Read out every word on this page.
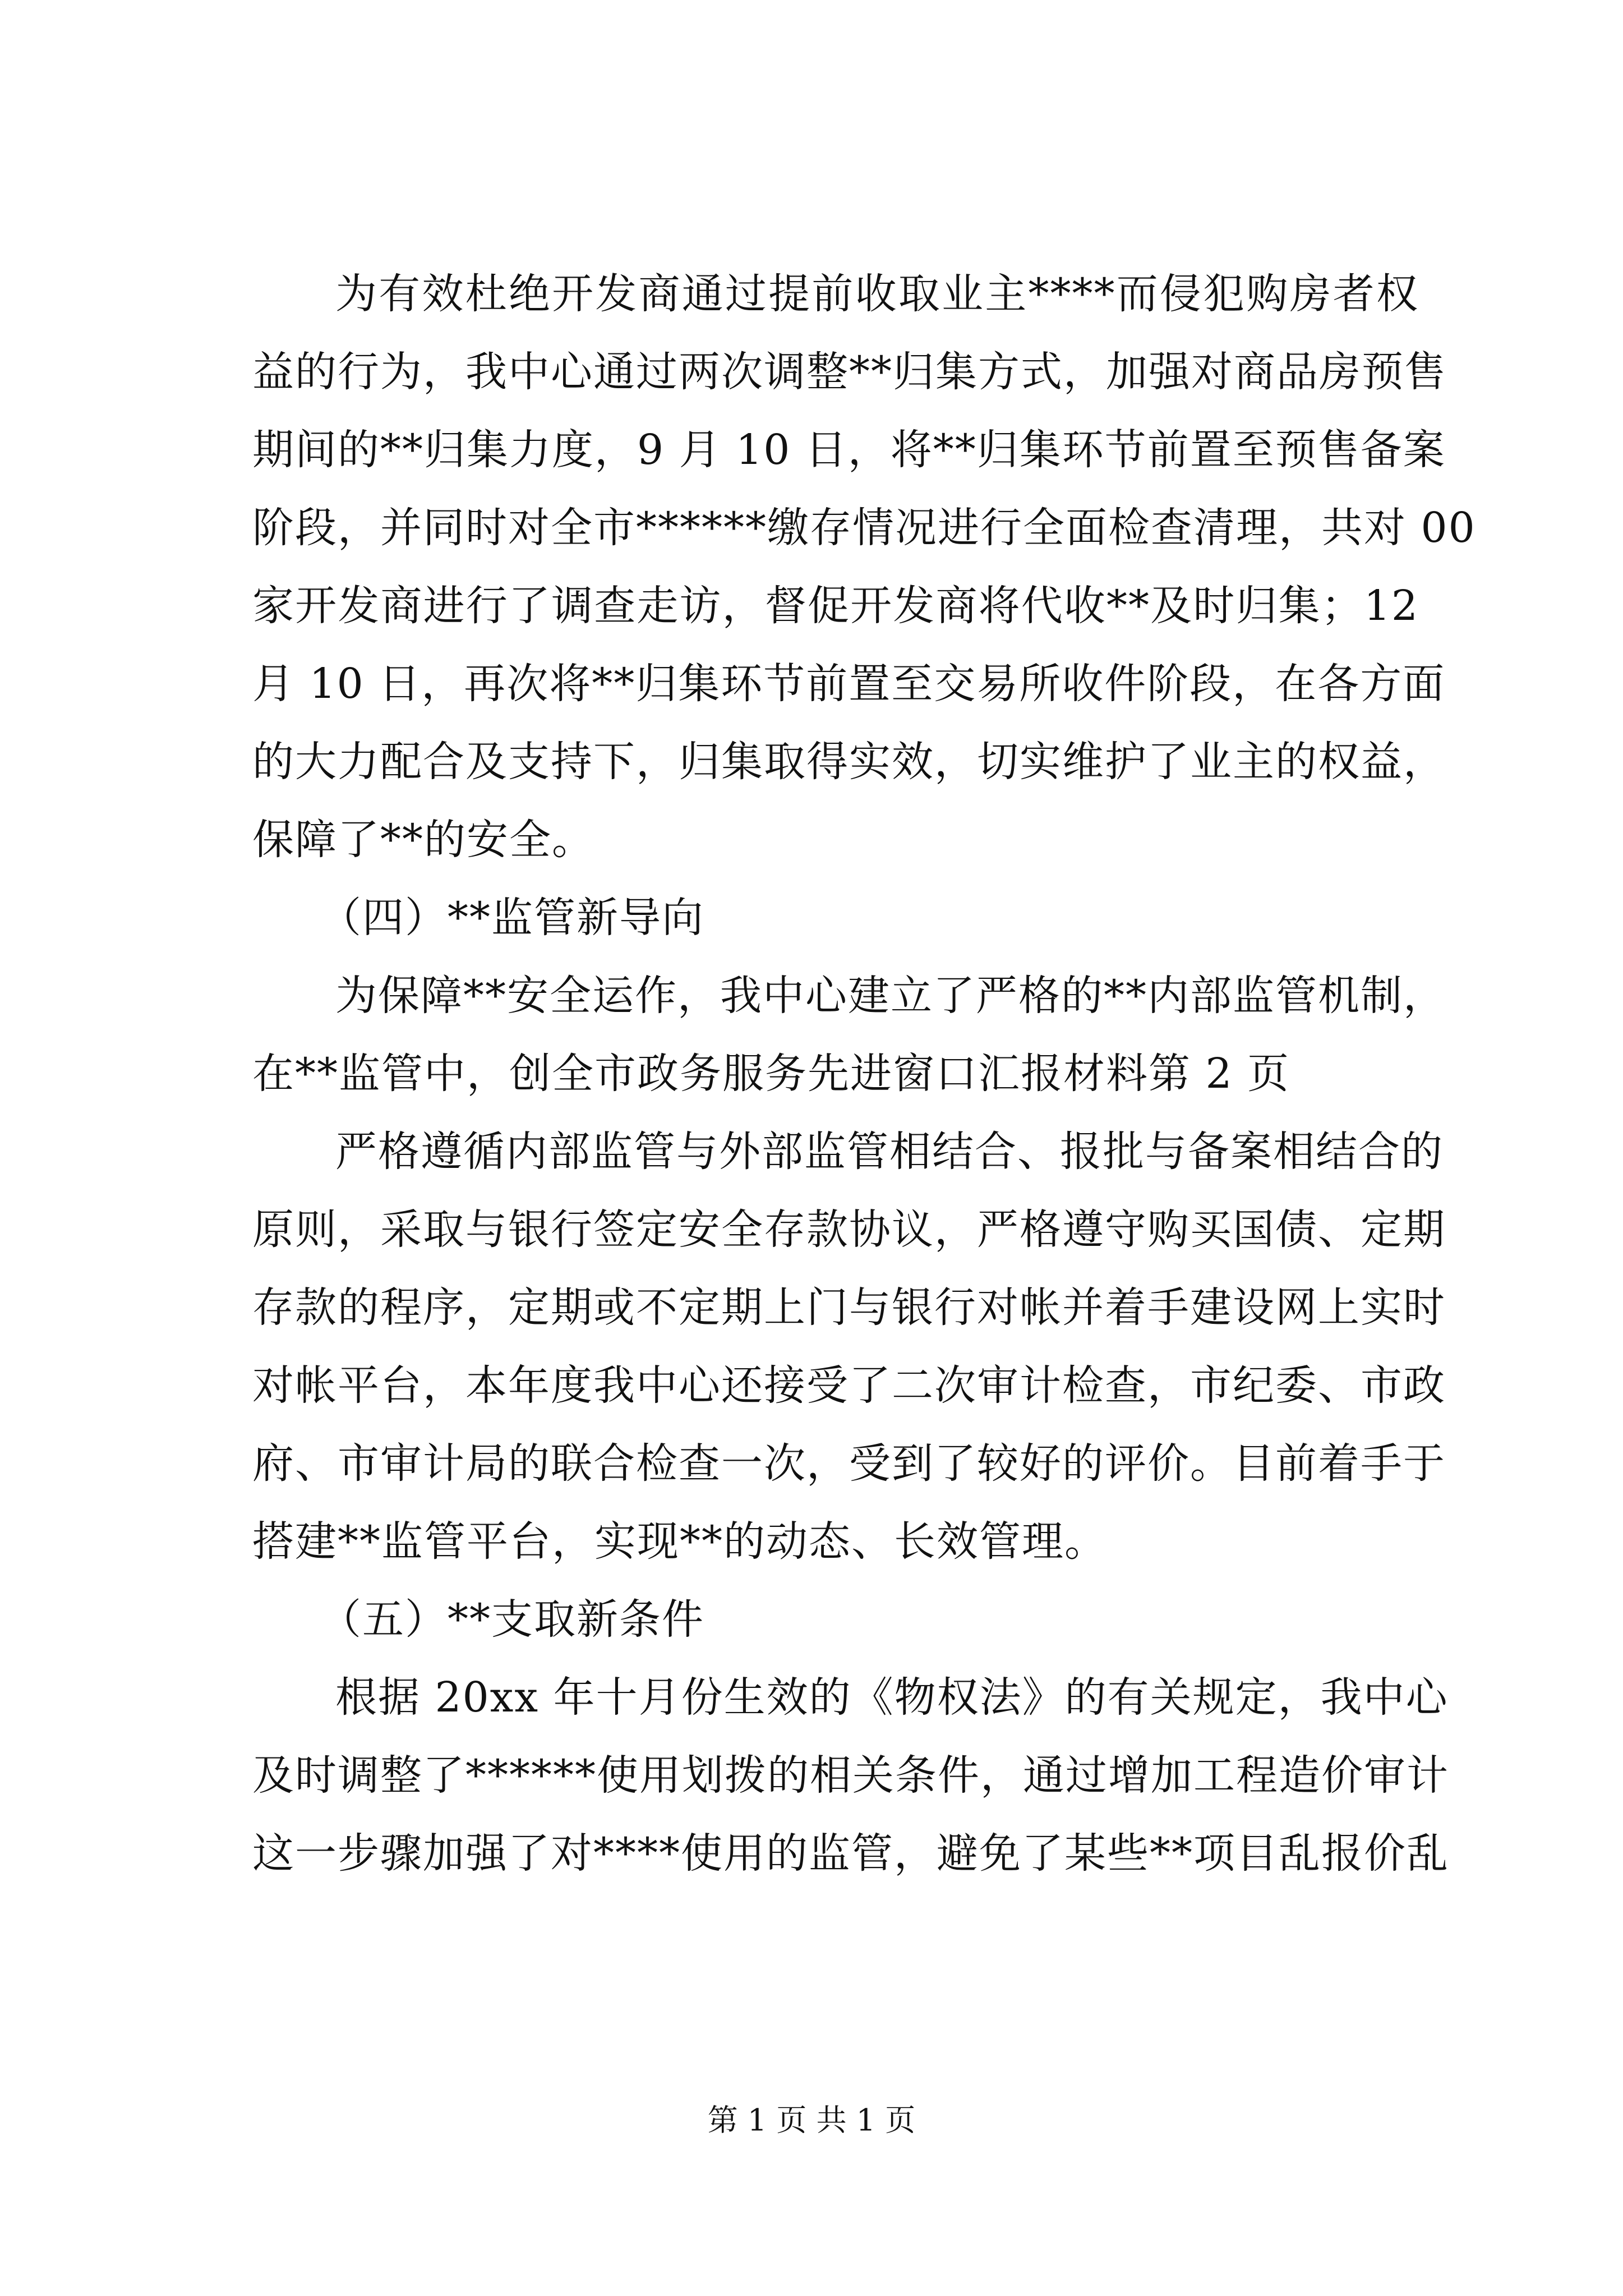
为有效杜绝开发商通过提前收取业主****而侵犯购房者权
益的行为，我中心通过两次调整**归集方式，加强对商品房预售
期间的**归集力度，9 月 10 日，将**归集环节前置至预售备案
阶段，并同时对全市******缴存情况进行全面检查清理，共对 00
家开发商进行了调查走访，督促开发商将代收**及时归集；12
月 10 日，再次将**归集环节前置至交易所收件阶段，在各方面
的大力配合及支持下，归集取得实效，切实维护了业主的权益，
保障了**的安全。
（四）**监管新导向
为保障**安全运作，我中心建立了严格的**内部监管机制，
在**监管中，创全市政务服务先进窗口汇报材料第 2 页
严格遵循内部监管与外部监管相结合、报批与备案相结合的
原则，采取与银行签定安全存款协议，严格遵守购买国债、定期
存款的程序，定期或不定期上门与银行对帐并着手建设网上实时
对帐平台，本年度我中心还接受了二次审计检查，市纪委、市政
府、市审计局的联合检查一次，受到了较好的评价。目前着手于
搭建**监管平台，实现**的动态、长效管理。
（五）**支取新条件
根据 20xx 年十月份生效的《物权法》的有关规定，我中心
及时调整了******使用划拨的相关条件，通过增加工程造价审计
这一步骤加强了对****使用的监管，避免了某些**项目乱报价乱
第 1 页 共 1 页
